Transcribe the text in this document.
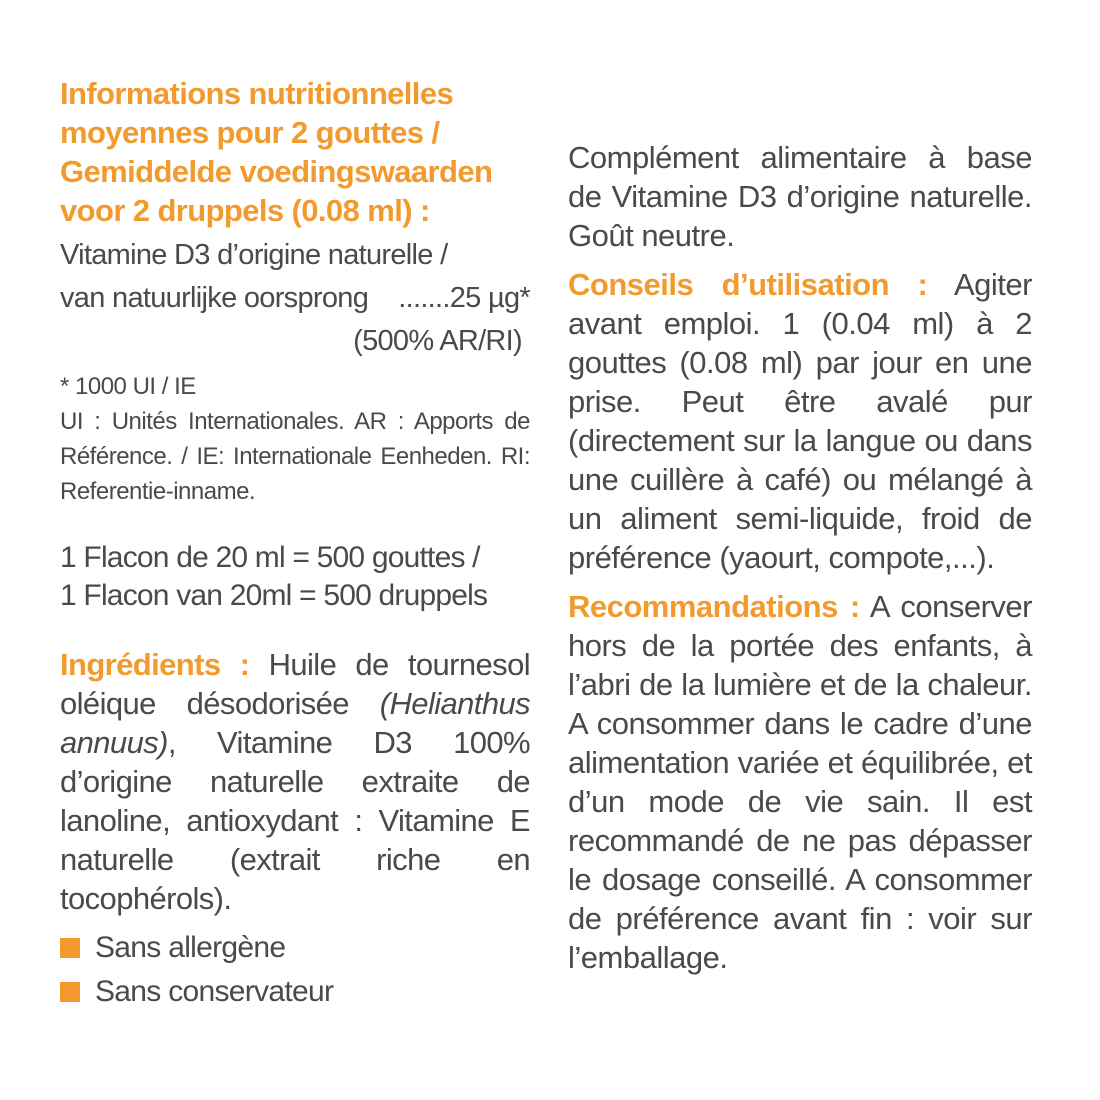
Informations nutritionnelles moyennes pour 2 gouttes / Gemiddelde voedingswaarden voor 2 druppels (0.08 ml) :
Vitamine D3 d’origine naturelle /
van natuurlijke oorsprong .......25 µg*
(500% AR/RI)
* 1000 UI / IE
UI : Unités Internationales. AR : Apports de Référence. / IE: Internationale Eenheden. RI: Referentie-inname.
1 Flacon de 20 ml = 500 gouttes /
1 Flacon van 20ml = 500 druppels
Ingrédients : Huile de tournesol oléique désodorisée (Helianthus annuus), Vitamine D3 100% d’origine naturelle extraite de lanoline, antioxydant : Vitamine E naturelle (extrait riche en tocophérols).
Sans allergène
Sans conservateur
Complément alimentaire à base de Vitamine D3 d’origine naturelle. Goût neutre.
Conseils d’utilisation : Agiter avant emploi. 1 (0.04 ml) à 2 gouttes (0.08 ml) par jour en une prise. Peut être avalé pur (directement sur la langue ou dans une cuillère à café) ou mélangé à un aliment semi-liquide, froid de préférence (yaourt, compote,...).
Recommandations : A conserver hors de la portée des enfants, à l’abri de la lumière et de la chaleur. A consommer dans le cadre d’une alimentation variée et équilibrée, et d’un mode de vie sain. Il est recommandé de ne pas dépasser le dosage conseillé. A consommer de préférence avant fin : voir sur l’emballage.
